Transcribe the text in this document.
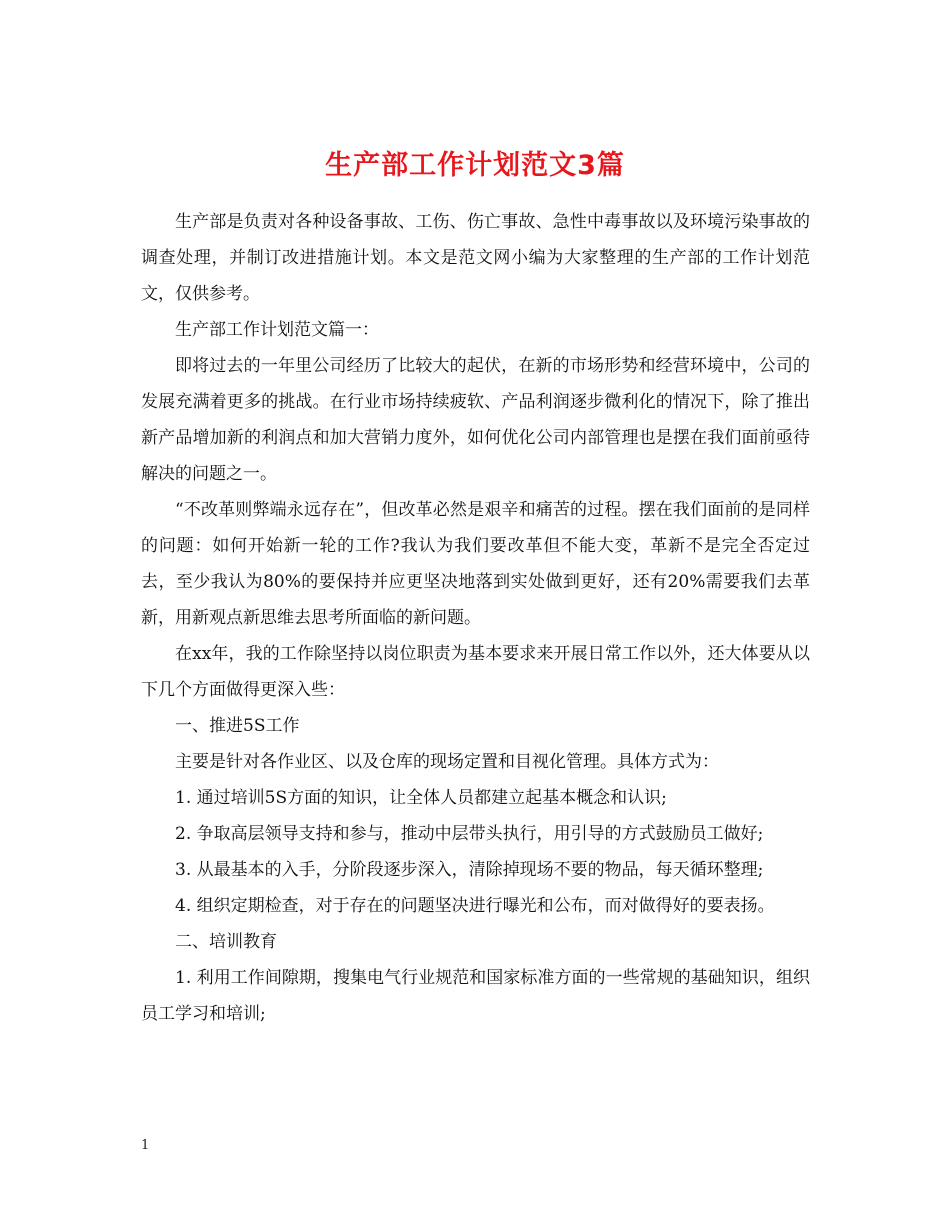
生产部工作计划范文3篇

生产部是负责对各种设备事故、工伤、伤亡事故、急性中毒事故以及环境污染事故的调查处理，并制订改进措施计划。本文是范文网小编为大家整理的生产部的工作计划范文，仅供参考。

生产部工作计划范文篇一：

即将过去的一年里公司经历了比较大的起伏，在新的市场形势和经营环境中，公司的发展充满着更多的挑战。在行业市场持续疲软、产品利润逐步微利化的情况下，除了推出新产品增加新的利润点和加大营销力度外，如何优化公司内部管理也是摆在我们面前亟待解决的问题之一。

“不改革则弊端永远存在”，但改革必然是艰辛和痛苦的过程。摆在我们面前的是同样的问题：如何开始新一轮的工作?我认为我们要改革但不能大变，革新不是完全否定过去，至少我认为80%的要保持并应更坚决地落到实处做到更好，还有20%需要我们去革新，用新观点新思维去思考所面临的新问题。

在xx年，我的工作除坚持以岗位职责为基本要求来开展日常工作以外，还大体要从以下几个方面做得更深入些：

一、推进5S工作

主要是针对各作业区、以及仓库的现场定置和目视化管理。具体方式为：

1. 通过培训5S方面的知识，让全体人员都建立起基本概念和认识;

2. 争取高层领导支持和参与，推动中层带头执行，用引导的方式鼓励员工做好;

3. 从最基本的入手，分阶段逐步深入，清除掉现场不要的物品，每天循环整理;

4. 组织定期检查，对于存在的问题坚决进行曝光和公布，而对做得好的要表扬。

二、培训教育

1. 利用工作间隙期，搜集电气行业规范和国家标准方面的一些常规的基础知识，组织员工学习和培训;

1
